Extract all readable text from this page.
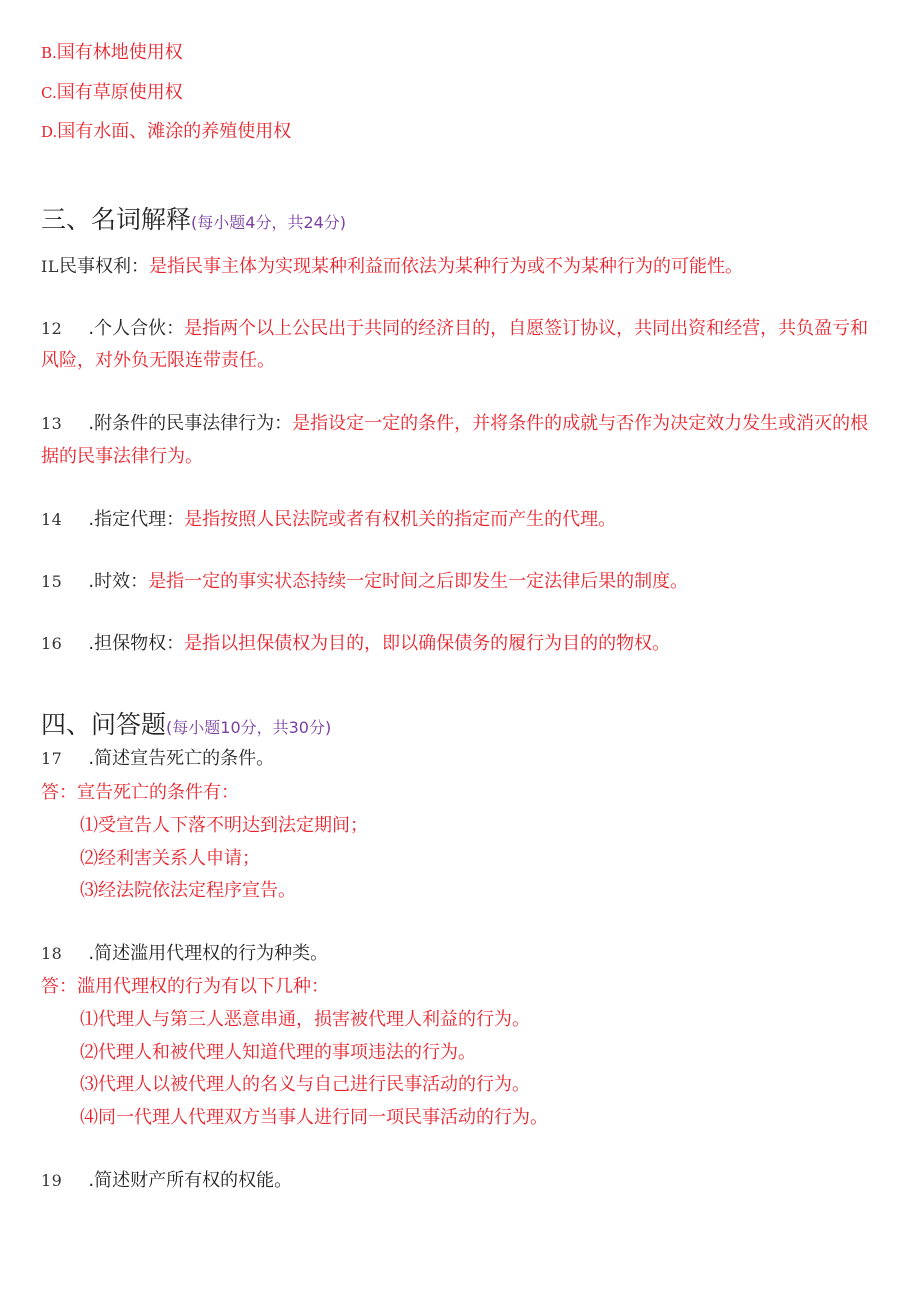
B.国有林地使用权
C.国有草原使用权
D.国有水面、滩涂的养殖使用权
三、名词解释(每小题4分，共24分)
IL民事权利：是指民事主体为实现某种利益而依法为某种行为或不为某种行为的可能性。
12 .个人合伙：是指两个以上公民出于共同的经济目的，自愿签订协议，共同出资和经营，共负盈亏和
风险，对外负无限连带责任。
13 .附条件的民事法律行为：是指设定一定的条件，并将条件的成就与否作为决定效力发生或消灭的根
据的民事法律行为。
14 .指定代理：是指按照人民法院或者有权机关的指定而产生的代理。
15 .时效：是指一定的事实状态持续一定时间之后即发生一定法律后果的制度。
16 .担保物权：是指以担保债权为目的，即以确保债务的履行为目的的物权。
四、问答题(每小题10分，共30分)
17 .简述宣告死亡的条件。
答：宣告死亡的条件有：
⑴受宣告人下落不明达到法定期间；
⑵经利害关系人申请；
⑶经法院依法定程序宣告。
18 .简述滥用代理权的行为种类。
答：滥用代理权的行为有以下几种：
⑴代理人与第三人恶意串通，损害被代理人利益的行为。
⑵代理人和被代理人知道代理的事项违法的行为。
⑶代理人以被代理人的名义与自己进行民事活动的行为。
⑷同一代理人代理双方当事人进行同一项民事活动的行为。
19 .简述财产所有权的权能。
